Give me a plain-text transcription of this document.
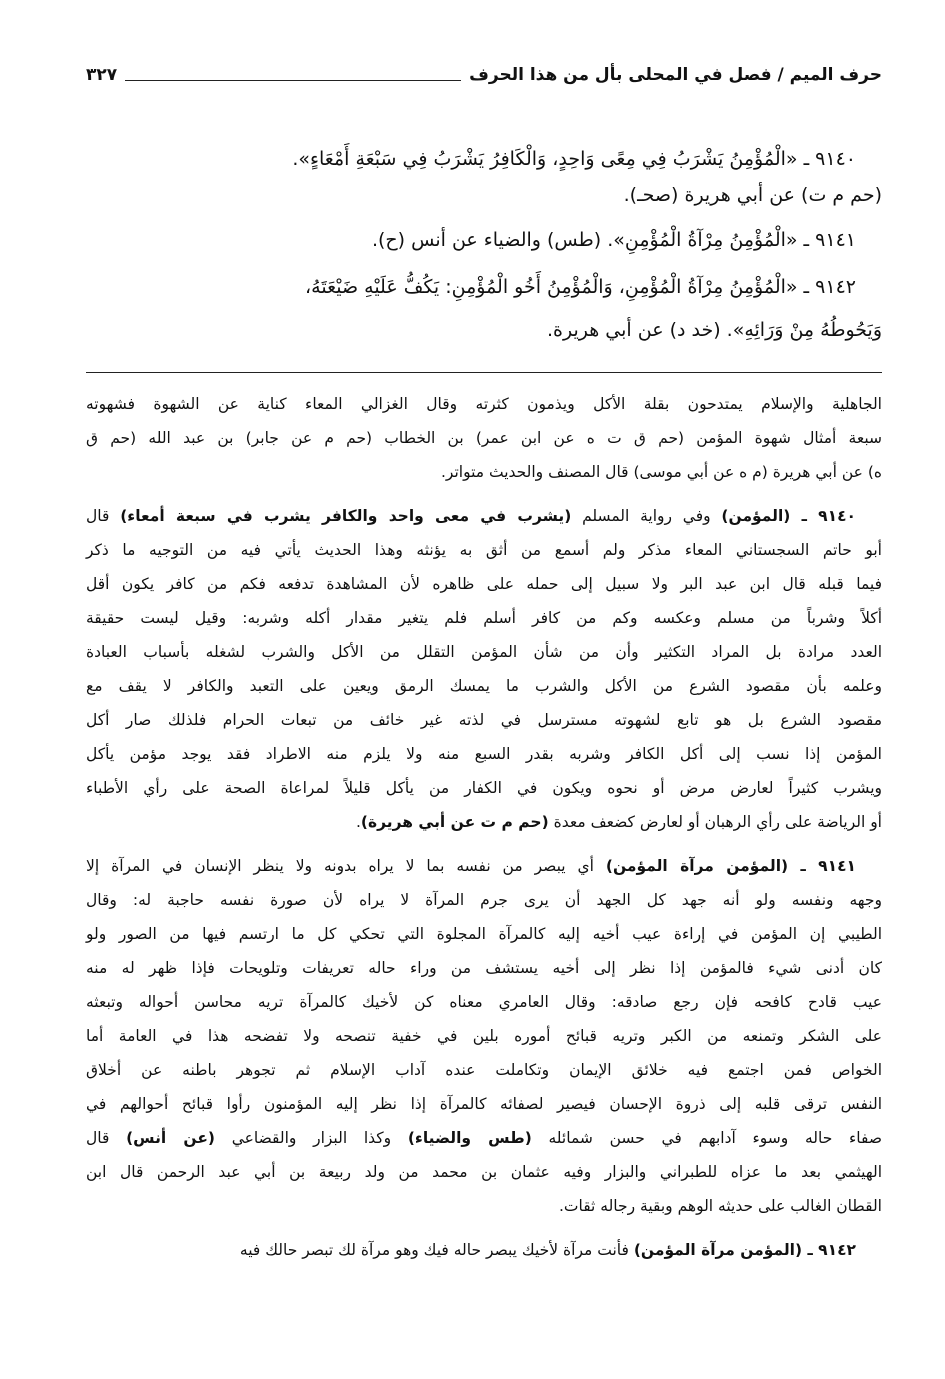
حرف الميم / فصل في المحلى بأل من هذا الحرف
٣٢٧
٩١٤٠ ـ «الْمُؤْمِنُ يَشْرَبُ فِي مِعًى وَاحِدٍ، وَالْكَافِرُ يَشْرَبُ فِي سَبْعَةِ أَمْعَاءٍ».
(حم م ت) عن أبي هريرة (صحـ).
٩١٤١ ـ «الْمُؤْمِنُ مِرْآةُ الْمُؤْمِنِ». (طس) والضياء عن أنس (ح).
٩١٤٢ ـ «الْمُؤْمِنُ مِرْآةُ الْمُؤْمِنِ، وَالْمُؤْمِنُ أَخُو الْمُؤْمِنِ: يَكُفُّ عَلَيْهِ ضَيْعَتَهُ،
وَيَحُوطُهُ مِنْ وَرَائِهِ». (خد د) عن أبي هريرة.
الجاهلية والإسلام يمتدحون بقلة الأكل ويذمون كثرته وقال الغزالي المعاء كناية عن الشهوة فشهوته
سبعة أمثال شهوة المؤمن (حم ق ت ه عن ابن عمر) بن الخطاب (حم م عن جابر) بن عبد الله (حم ق
ه) عن أبي هريرة (م ه عن أبي موسى) قال المصنف والحديث متواتر.
٩١٤٠ ـ (المؤمن) وفي رواية المسلم (يشرب في معى واحد والكافر يشرب في سبعة أمعاء) قال
أبو حاتم السجستاني المعاء مذكر ولم أسمع من أثق به يؤنثه وهذا الحديث يأتي فيه من التوجيه ما ذكر
فيما قبله قال ابن عبد البر ولا سبيل إلى حمله على ظاهره لأن المشاهدة تدفعه فكم من كافر يكون أقل
أكلاً وشرباً من مسلم وعكسه وكم من كافر أسلم فلم يتغير مقدار أكله وشربه: وقيل ليست حقيقة
العدد مرادة بل المراد التكثير وأن من شأن المؤمن التقلل من الأكل والشرب لشغله بأسباب العبادة
وعلمه بأن مقصود الشرع من الأكل والشرب ما يمسك الرمق ويعين على التعبد والكافر لا يقف مع
مقصود الشرع بل هو تابع لشهوته مسترسل في لذته غير خائف من تبعات الحرام فلذلك صار أكل
المؤمن إذا نسب إلى أكل الكافر وشربه بقدر السبع منه ولا يلزم منه الاطراد فقد يوجد مؤمن يأكل
ويشرب كثيراً لعارض مرض أو نحوه ويكون في الكفار من يأكل قليلاً لمراعاة الصحة على رأي الأطباء
أو الرياضة على رأي الرهبان أو لعارض كضعف معدة (حم م ت عن أبي هريرة).
٩١٤١ ـ (المؤمن مرآة المؤمن) أي يبصر من نفسه بما لا يراه بدونه ولا ينظر الإنسان في المرآة إلا
وجهه ونفسه ولو أنه جهد كل الجهد أن يرى جرم المرآة لا يراه لأن صورة نفسه حاجبة له: وقال
الطيبي إن المؤمن في إراءة عيب أخيه إليه كالمرآة المجلوة التي تحكي كل ما ارتسم فيها من الصور ولو
كان أدنى شيء فالمؤمن إذا نظر إلى أخيه يستشف من وراء حاله تعريفات وتلويحات فإذا ظهر له منه
عيب قادح كافحه فإن رجع صادقه: وقال العامري معناه كن لأخيك كالمرآة تريه محاسن أحواله وتبعثه
على الشكر وتمنعه من الكبر وتريه قبائح أموره بلين في خفية تنصحه ولا تفضحه هذا في العامة أما
الخواص فمن اجتمع فيه خلائق الإيمان وتكاملت عنده آداب الإسلام ثم تجوهر باطنه عن أخلاق
النفس ترقى قلبه إلى ذروة الإحسان فيصير لصفائه كالمرآة إذا نظر إليه المؤمنون رأوا قبائح أحوالهم في
صفاء حاله وسوء آدابهم في حسن شمائله (طس والضياء) وكذا البزار والقضاعي (عن أنس) قال
الهيثمي بعد ما عزاه للطبراني والبزار وفيه عثمان بن محمد من ولد ربيعة بن أبي عبد الرحمن قال ابن
القطان الغالب على حديثه الوهم وبقية رجاله ثقات.
٩١٤٢ ـ (المؤمن مرآة المؤمن) فأنت مرآة لأخيك يبصر حاله فيك وهو مرآة لك تبصر حالك فيه
